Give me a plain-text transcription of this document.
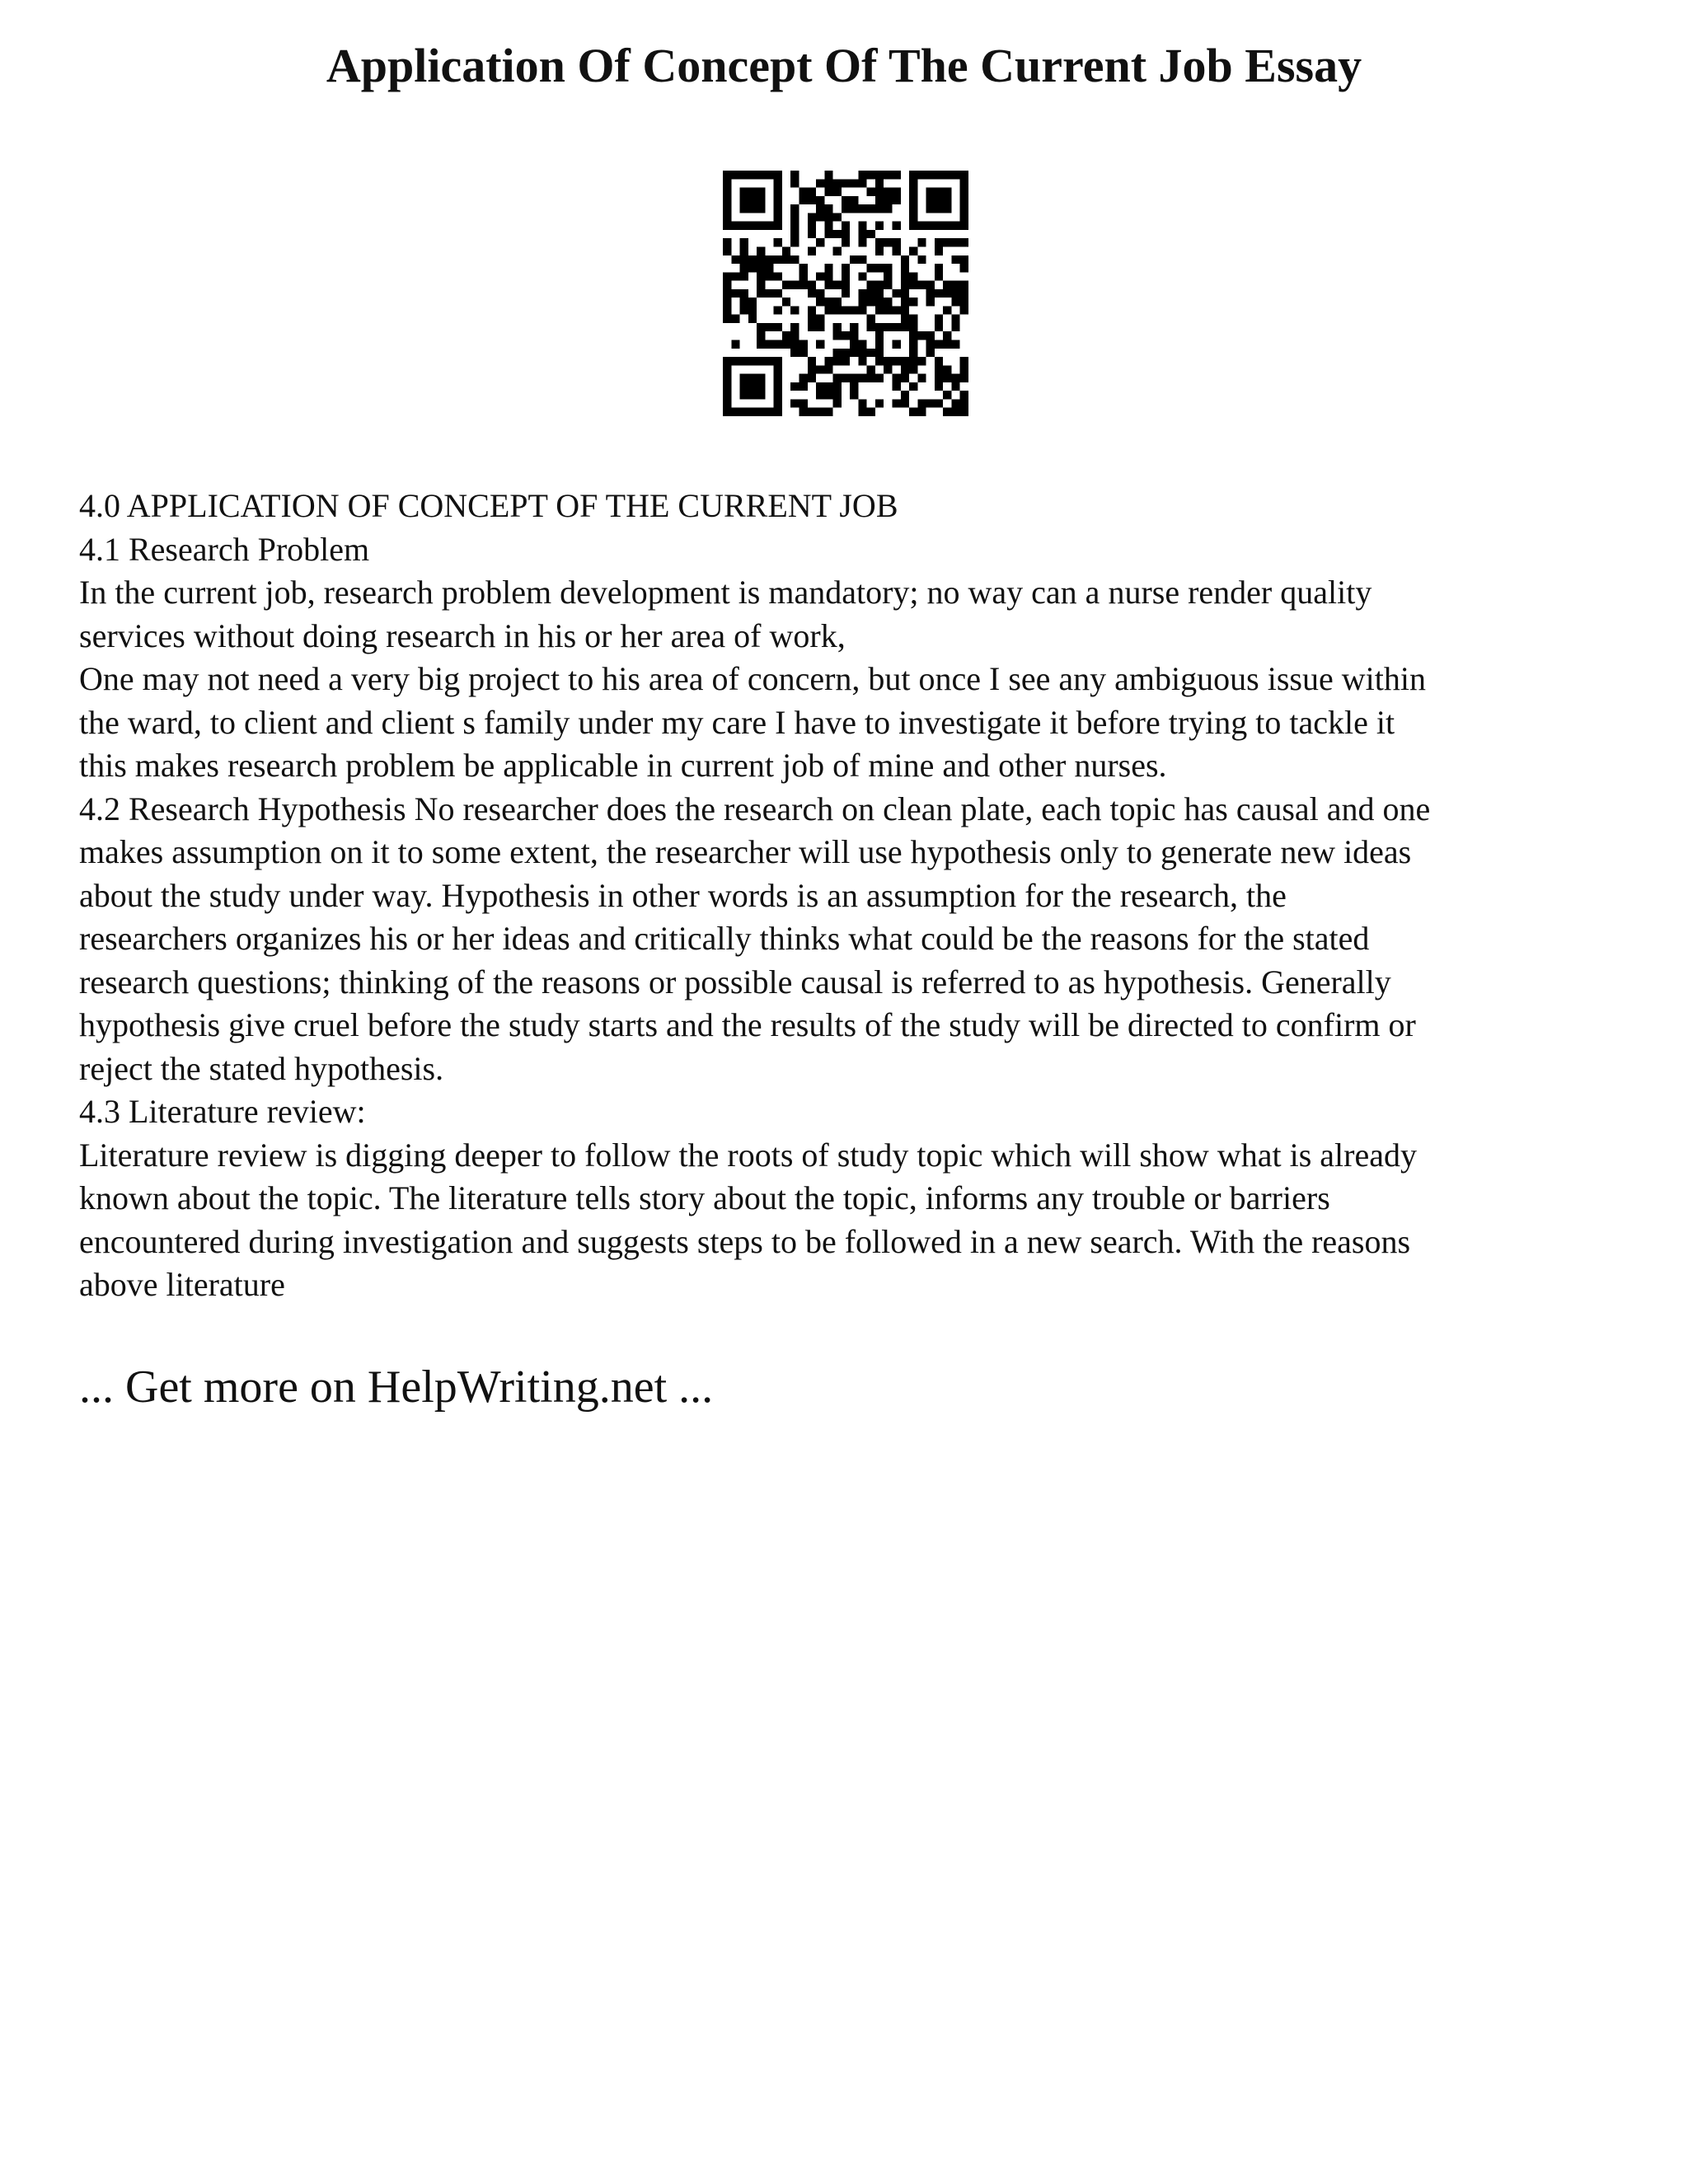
Application Of Concept Of The Current Job Essay
4.0 APPLICATION OF CONCEPT OF THE CURRENT JOB
4.1 Research Problem
In the current job, research problem development is mandatory; no way can a nurse render quality
services without doing research in his or her area of work,
One may not need a very big project to his area of concern, but once I see any ambiguous issue within
the ward, to client and client s family under my care I have to investigate it before trying to tackle it
this makes research problem be applicable in current job of mine and other nurses.
4.2 Research Hypothesis No researcher does the research on clean plate, each topic has causal and one
makes assumption on it to some extent, the researcher will use hypothesis only to generate new ideas
about the study under way. Hypothesis in other words is an assumption for the research, the
researchers organizes his or her ideas and critically thinks what could be the reasons for the stated
research questions; thinking of the reasons or possible causal is referred to as hypothesis. Generally
hypothesis give cruel before the study starts and the results of the study will be directed to confirm or
reject the stated hypothesis.
4.3 Literature review:
Literature review is digging deeper to follow the roots of study topic which will show what is already
known about the topic. The literature tells story about the topic, informs any trouble or barriers
encountered during investigation and suggests steps to be followed in a new search. With the reasons
above literature
... Get more on HelpWriting.net ...
